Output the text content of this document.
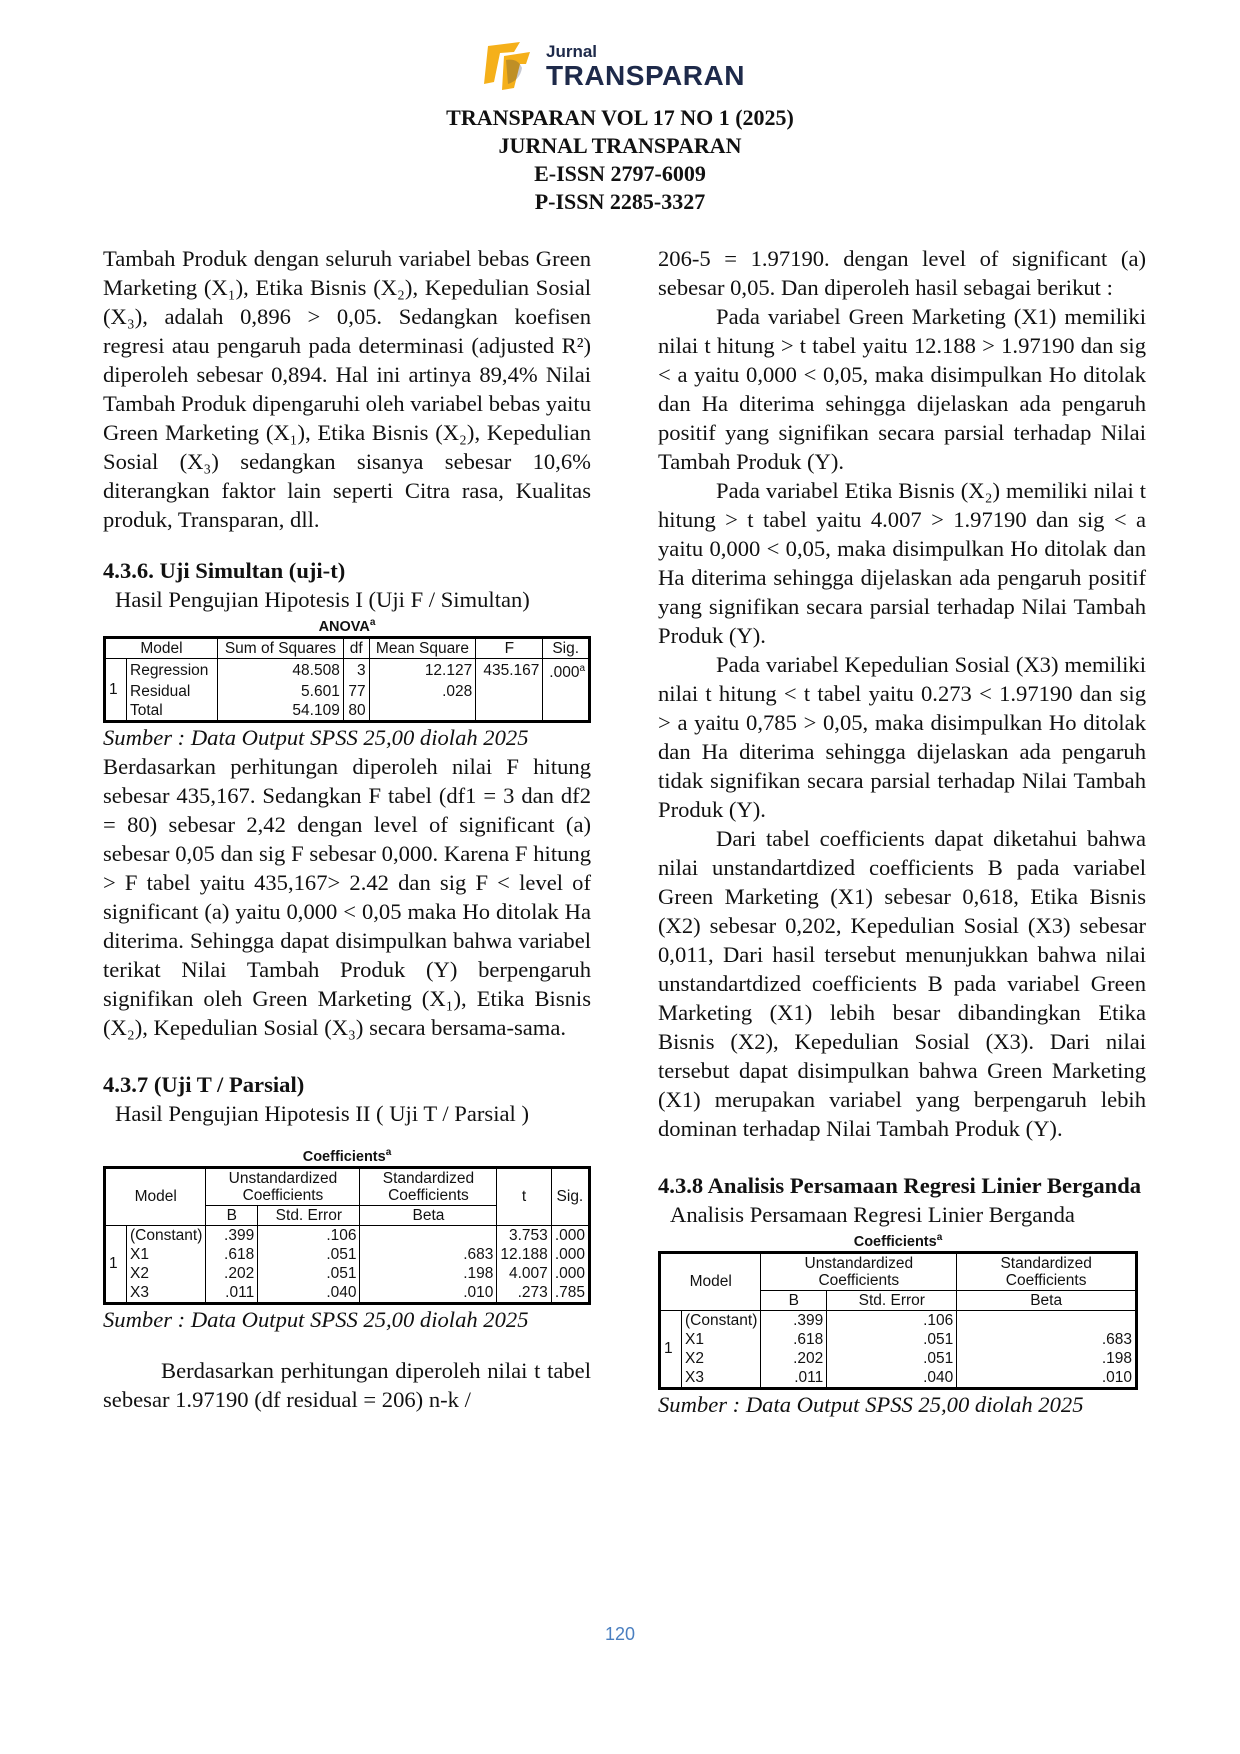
Jurnal
TRANSPARAN
TRANSPARAN VOL 17 NO 1 (2025)
JURNAL TRANSPARAN
E-ISSN 2797-6009
P-ISSN 2285-3327

Tambah Produk dengan seluruh variabel bebas Green Marketing (X₁), Etika Bisnis (X₂), Kepedulian Sosial (X₃), adalah 0,896 > 0,05. Sedangkan koefisen regresi atau pengaruh pada determinasi (adjusted R²) diperoleh sebesar 0,894. Hal ini artinya 89,4% Nilai Tambah Produk dipengaruhi oleh variabel bebas yaitu Green Marketing (X₁), Etika Bisnis (X₂), Kepedulian Sosial (X₃) sedangkan sisanya sebesar 10,6% diterangkan faktor lain seperti Citra rasa, Kualitas produk, Transparan, dll.

4.3.6. Uji Simultan (uji-t)

Hasil Pengujian Hipotesis I (Uji F / Simultan)

ANOVA$^a$
Model		Sum of Squares	df	Mean Square	F	Sig.
1	Regression	48.508	3	12.127	435.167	.000$^a$
	Residual	5.601	77	.028		
	Total	54.109	80			

Sumber : Data Output SPSS 25,00 diolah 2025

Berdasarkan perhitungan diperoleh nilai F hitung sebesar 435,167. Sedangkan F tabel (df1 = 3 dan df2 = 80) sebesar 2,42 dengan level of significant (a) sebesar 0,05 dan sig F sebesar 0,000. Karena F hitung > F tabel yaitu 435,167> 2.42 dan sig F < level of significant (a) yaitu 0,000 < 0,05 maka Ho ditolak Ha diterima. Sehingga dapat disimpulkan bahwa variabel terikat Nilai Tambah Produk (Y) berpengaruh signifikan oleh Green Marketing (X₁), Etika Bisnis (X₂), Kepedulian Sosial (X₃) secara bersama-sama.

4.3.7 (Uji T / Parsial)

Hasil Pengujian Hipotesis II ( Uji T / Parsial )

Coefficients$^a$
Model		Unstandardized Coefficients		Standardized Coefficients	t	Sig.
		B	Std. Error	Beta		
1	(Constant)	.399	.106		3.753	.000
	X1	.618	.051	.683	12.188	.000
	X2	.202	.051	.198	4.007	.000
	X3	.011	.040	.010	.273	.785

Sumber : Data Output SPSS 25,00 diolah 2025

Berdasarkan perhitungan diperoleh nilai t tabel sebesar 1.97190 (df residual = 206) n-k /

206-5 = 1.97190. dengan level of significant (a) sebesar 0,05. Dan diperoleh hasil sebagai berikut :

Pada variabel Green Marketing (X1) memiliki nilai t hitung > t tabel yaitu 12.188 > 1.97190 dan sig < a yaitu 0,000 < 0,05, maka disimpulkan Ho ditolak dan Ha diterima sehingga dijelaskan ada pengaruh positif yang signifikan secara parsial terhadap Nilai Tambah Produk (Y).

Pada variabel Etika Bisnis (X₂) memiliki nilai t hitung > t tabel yaitu 4.007 > 1.97190 dan sig < a yaitu 0,000 < 0,05, maka disimpulkan Ho ditolak dan Ha diterima sehingga dijelaskan ada pengaruh positif yang signifikan secara parsial terhadap Nilai Tambah Produk (Y).

Pada variabel Kepedulian Sosial (X3) memiliki nilai t hitung < t tabel yaitu 0.273 < 1.97190 dan sig > a yaitu 0,785 > 0,05, maka disimpulkan Ho ditolak dan Ha diterima sehingga dijelaskan ada pengaruh tidak signifikan secara parsial terhadap Nilai Tambah Produk (Y).

Dari tabel coefficients dapat diketahui bahwa nilai unstandartdized coefficients B pada variabel Green Marketing (X1) sebesar 0,618, Etika Bisnis (X2) sebesar 0,202, Kepedulian Sosial (X3) sebesar 0,011, Dari hasil tersebut menunjukkan bahwa nilai unstandartdized coefficients B pada variabel Green Marketing (X1) lebih besar dibandingkan Etika Bisnis (X2), Kepedulian Sosial (X3). Dari nilai tersebut dapat disimpulkan bahwa Green Marketing (X1) merupakan variabel yang berpengaruh lebih dominan terhadap Nilai Tambah Produk (Y).

4.3.8 Analisis Persamaan Regresi Linier Berganda

Analisis Persamaan Regresi Linier Berganda

Coefficients$^a$
Model		Unstandardized Coefficients		Standardized Coefficients
		B	Std. Error	Beta
1	(Constant)	.399	.106	
	X1	.618	.051	.683
	X2	.202	.051	.198
	X3	.011	.040	.010

Sumber : Data Output SPSS 25,00 diolah 2025

120
